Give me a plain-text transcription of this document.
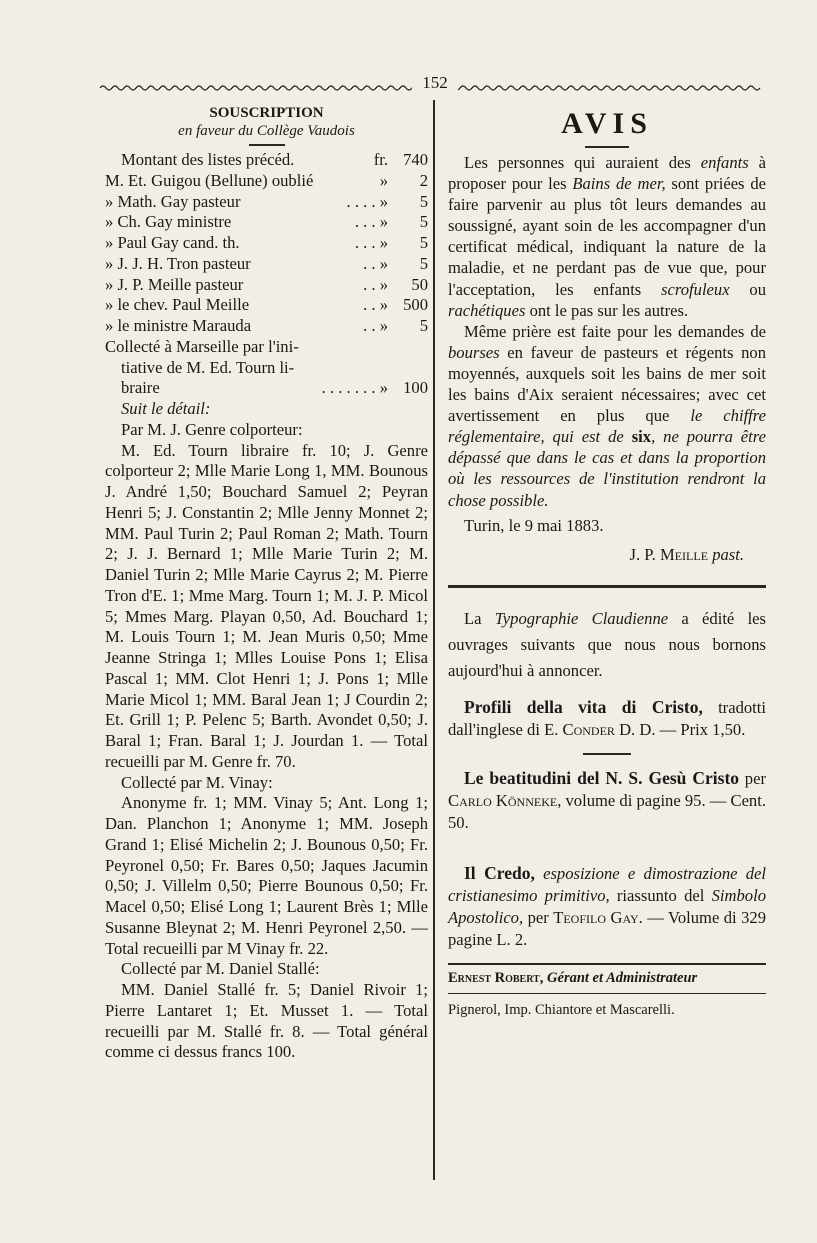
152
SOUSCRIPTION
en faveur du Collège Vaudois
Montant des listes précéd.	fr. 740
M. Et. Guigou (Bellune) oublié	»	2
» Math. Gay pasteur	. . . . »	5
» Ch. Gay ministre	. . . »	5
» Paul Gay cand. th.	. . . »	5
» J. J. H. Tron pasteur	. . »	5
» J. P. Meille pasteur	. . »	50
» le chev. Paul Meille	. . » 500
» le ministre Marauda	. . »	5
Collecté à Marseille par l'ini-
tiative de M. Ed. Tourn li-
braire	. . . . . . . » 100
Suit le détail:
Par M. J. Genre colporteur:
M. Ed. Tourn libraire fr. 10; J. Genre colporteur 2; Mlle Marie Long 1, MM. Bounous J. André 1,50; Bouchard Samuel 2; Peyran Henri 5; J. Constantin 2; Mlle Jenny Monnet 2; MM. Paul Turin 2; Paul Roman 2; Math. Tourn 2; J. J. Bernard 1; Mlle Marie Turin 2; M. Daniel Turin 2; Mlle Marie Cayrus 2; M. Pierre Tron d'E. 1; Mme Marg. Tourn 1; M. J. P. Micol 5; Mmes Marg. Playan 0,50, Ad. Bouchard 1; M. Louis Tourn 1; M. Jean Muris 0,50; Mme Jeanne Stringa 1; Mlles Louise Pons 1; Elisa Pascal 1; MM. Clot Henri 1; J. Pons 1; Mlle Marie Micol 1; MM. Baral Jean 1; J Courdin 2; Et. Grill 1; P. Pelenc 5; Barth. Avondet 0,50; J. Baral 1; Fran. Baral 1; J. Jourdan 1. — Total recueilli par M. Genre fr. 70.
Collecté par M. Vinay:
Anonyme fr. 1; MM. Vinay 5; Ant. Long 1; Dan. Planchon 1; Anonyme 1; MM. Joseph Grand 1; Elisé Michelin 2; J. Bounous 0,50; Fr. Peyronel 0,50; Fr. Bares 0,50; Jaques Jacumin 0,50; J. Villelm 0,50; Pierre Bounous 0,50; Fr. Macel 0,50; Elisé Long 1; Laurent Brès 1; Mlle Susanne Bleynat 2; M. Henri Peyronel 2,50. — Total recueilli par M Vinay fr. 22.
Collecté par M. Daniel Stallé:
MM. Daniel Stallé fr. 5; Daniel Rivoir 1; Pierre Lantaret 1; Et. Musset 1. — Total recueilli par M. Stallé fr. 8. — Total général comme ci dessus francs 100.
AVIS
Les personnes qui auraient des enfants à proposer pour les Bains de mer, sont priées de faire parvenir au plus tôt leurs demandes au soussigné, ayant soin de les accompagner d'un certificat médical, indiquant la nature de la maladie, et ne perdant pas de vue que, pour l'acceptation, les enfants scrofuleux ou rachétiques ont le pas sur les autres.
Même prière est faite pour les demandes de bourses en faveur de pasteurs et régents non moyennés, auxquels soit les bains de mer soit les bains d'Aix seraient nécessaires; avec cet avertissement en plus que le chiffre réglementaire, qui est de six, ne pourra être dépassé que dans le cas et dans la proportion où les ressources de l'institution rendront la chose possible.
Turin, le 9 mai 1883.
J. P. Meille past.
La Typographie Claudienne a édité les ouvrages suivants que nous nous bornons aujourd'hui à annoncer.
Profili della vita di Cristo, tradotti dall'inglese di E. Conder D. D. — Prix 1,50.
Le beatitudini del N. S. Gesù Cristo per Carlo Könneke, volume di pagine 95. — Cent. 50.
Il Credo, esposizione e dimostrazione del cristianesimo primitivo, riassunto del Simbolo Apostolico, per Teofilo Gay. — Volume di 329 pagine L. 2.
Ernest Robert, Gérant et Administrateur
Pignerol, Imp. Chiantore et Mascarelli.
